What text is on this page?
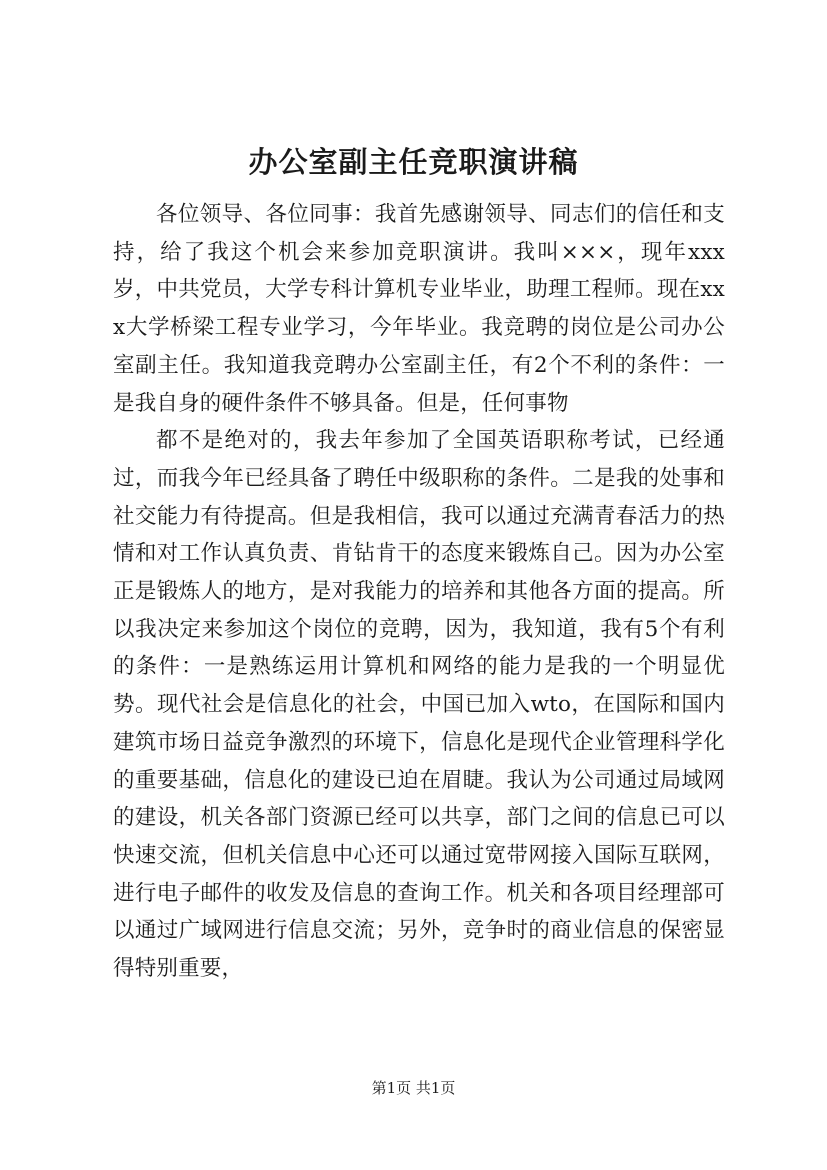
办公室副主任竞职演讲稿

各位领导、各位同事：我首先感谢领导、同志们的信任和支持，给了我这个机会来参加竞职演讲。我叫×××，现年xxx岁，中共党员，大学专科计算机专业毕业，助理工程师。现在xxx大学桥梁工程专业学习，今年毕业。我竞聘的岗位是公司办公室副主任。我知道我竞聘办公室副主任，有2个不利的条件：一是我自身的硬件条件不够具备。但是，任何事物

都不是绝对的，我去年参加了全国英语职称考试，已经通过，而我今年已经具备了聘任中级职称的条件。二是我的处事和社交能力有待提高。但是我相信，我可以通过充满青春活力的热情和对工作认真负责、肯钻肯干的态度来锻炼自己。因为办公室正是锻炼人的地方，是对我能力的培养和其他各方面的提高。所以我决定来参加这个岗位的竞聘，因为，我知道，我有5个有利的条件：一是熟练运用计算机和网络的能力是我的一个明显优势。现代社会是信息化的社会，中国已加入wto，在国际和国内建筑市场日益竞争激烈的环境下，信息化是现代企业管理科学化的重要基础，信息化的建设已迫在眉睫。我认为公司通过局域网的建设，机关各部门资源已经可以共享，部门之间的信息已可以快速交流，但机关信息中心还可以通过宽带网接入国际互联网，进行电子邮件的收发及信息的查询工作。机关和各项目经理部可以通过广域网进行信息交流；另外，竞争时的商业信息的保密显得特别重要，

第1页 共1页
